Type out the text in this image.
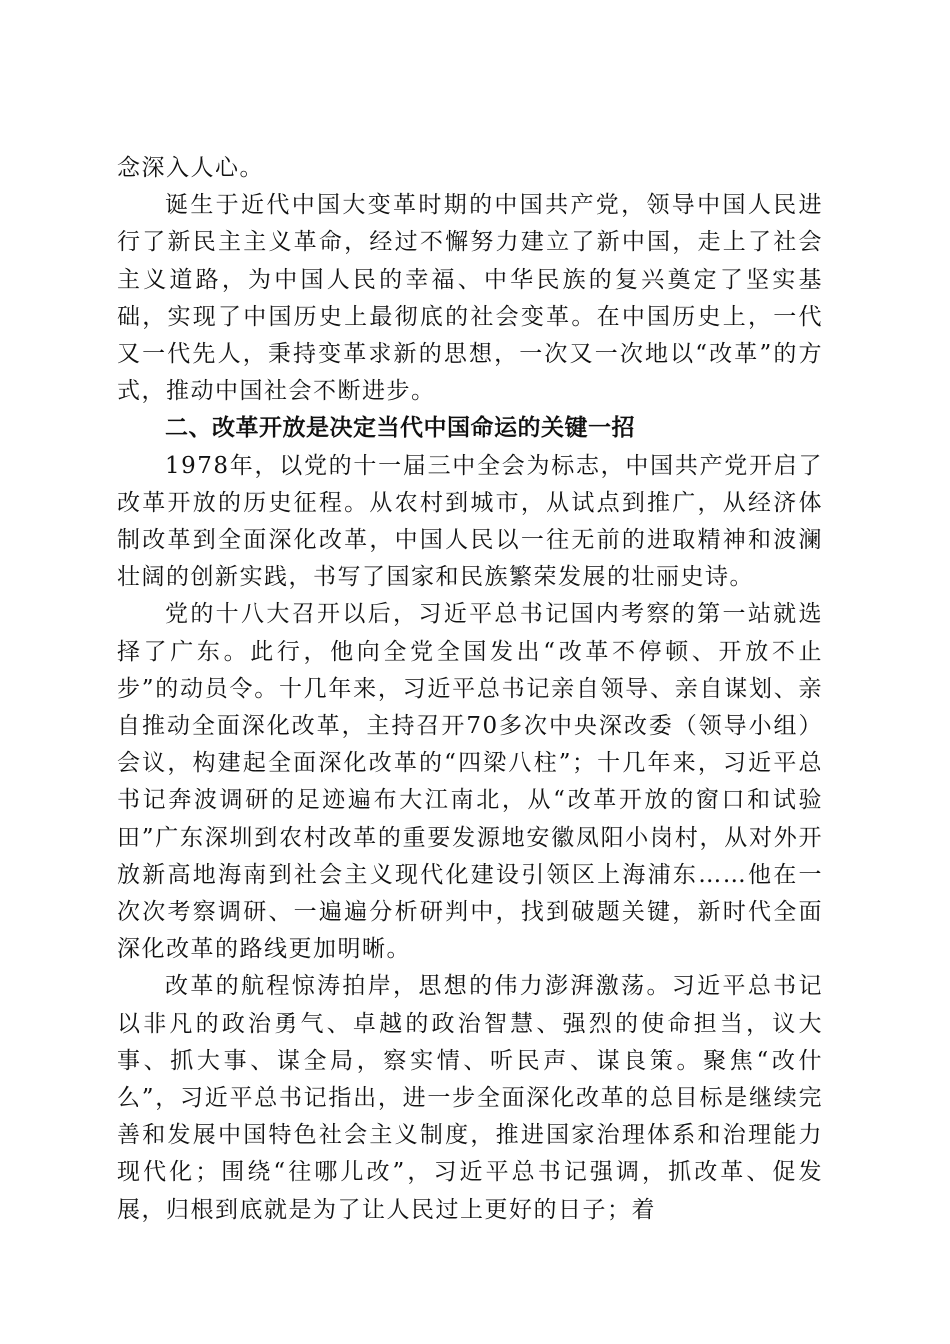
念深入人心。

诞生于近代中国大变革时期的中国共产党，领导中国人民进行了新民主主义革命，经过不懈努力建立了新中国，走上了社会主义道路，为中国人民的幸福、中华民族的复兴奠定了坚实基础，实现了中国历史上最彻底的社会变革。在中国历史上，一代又一代先人，秉持变革求新的思想，一次又一次地以“改革”的方式，推动中国社会不断进步。

二、改革开放是决定当代中国命运的关键一招

1978年，以党的十一届三中全会为标志，中国共产党开启了改革开放的历史征程。从农村到城市，从试点到推广，从经济体制改革到全面深化改革，中国人民以一往无前的进取精神和波澜壮阔的创新实践，书写了国家和民族繁荣发展的壮丽史诗。

党的十八大召开以后，习近平总书记国内考察的第一站就选择了广东。此行，他向全党全国发出“改革不停顿、开放不止步”的动员令。十几年来，习近平总书记亲自领导、亲自谋划、亲自推动全面深化改革，主持召开70多次中央深改委（领导小组）会议，构建起全面深化改革的“四梁八柱”；十几年来，习近平总书记奔波调研的足迹遍布大江南北，从“改革开放的窗口和试验田”广东深圳到农村改革的重要发源地安徽凤阳小岗村，从对外开放新高地海南到社会主义现代化建设引领区上海浦东……他在一次次考察调研、一遍遍分析研判中，找到破题关键，新时代全面深化改革的路线更加明晰。

改革的航程惊涛拍岸，思想的伟力澎湃激荡。习近平总书记以非凡的政治勇气、卓越的政治智慧、强烈的使命担当，议大事、抓大事、谋全局，察实情、听民声、谋良策。聚焦“改什么”，习近平总书记指出，进一步全面深化改革的总目标是继续完善和发展中国特色社会主义制度，推进国家治理体系和治理能力现代化；围绕“往哪儿改”，习近平总书记强调，抓改革、促发展，归根到底就是为了让人民过上更好的日子；着
